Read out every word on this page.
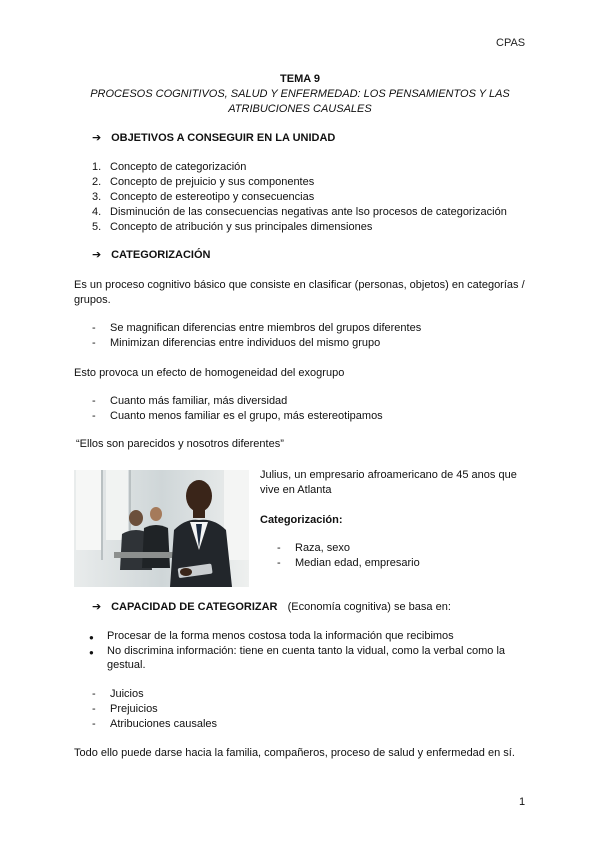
CPAS
TEMA 9
PROCESOS COGNITIVOS, SALUD Y ENFERMEDAD: LOS PENSAMIENTOS Y LAS ATRIBUCIONES CAUSALES
➔ OBJETIVOS A CONSEGUIR EN LA UNIDAD
1. Concepto de categorización
2. Concepto de prejuicio y sus componentes
3. Concepto de estereotipo y consecuencias
4. Disminución de las consecuencias negativas ante lso procesos de categorización
5. Concepto de atribución y sus principales dimensiones
➔ CATEGORIZACIÓN
Es un proceso cognitivo básico que consiste en clasificar (personas, objetos) en categorías /
grupos.
- Se magnifican diferencias entre miembros del grupos diferentes
- Minimizan diferencias entre individuos del mismo grupo
Esto provoca un efecto de homogeneidad del exogrupo
- Cuanto más familiar, más diversidad
- Cuanto menos familiar es el grupo, más estereotipamos
“Ellos son parecidos y nosotros diferentes”
Julius, un empresario afroamericano de 45 anos que
vive en Atlanta
Categorización:
- Raza, sexo
- Median edad, empresario
➔ CAPACIDAD DE CATEGORIZAR (Economía cognitiva) se basa en:
●	Procesar de la forma menos costosa toda la información que recibimos
●	No discrimina información: tiene en cuenta tanto la vidual, como la verbal como la gestual.
- Juicios
- Prejuicios
- Atribuciones causales
Todo ello puede darse hacia la familia, compañeros, proceso de salud y enfermedad en sí.
1
